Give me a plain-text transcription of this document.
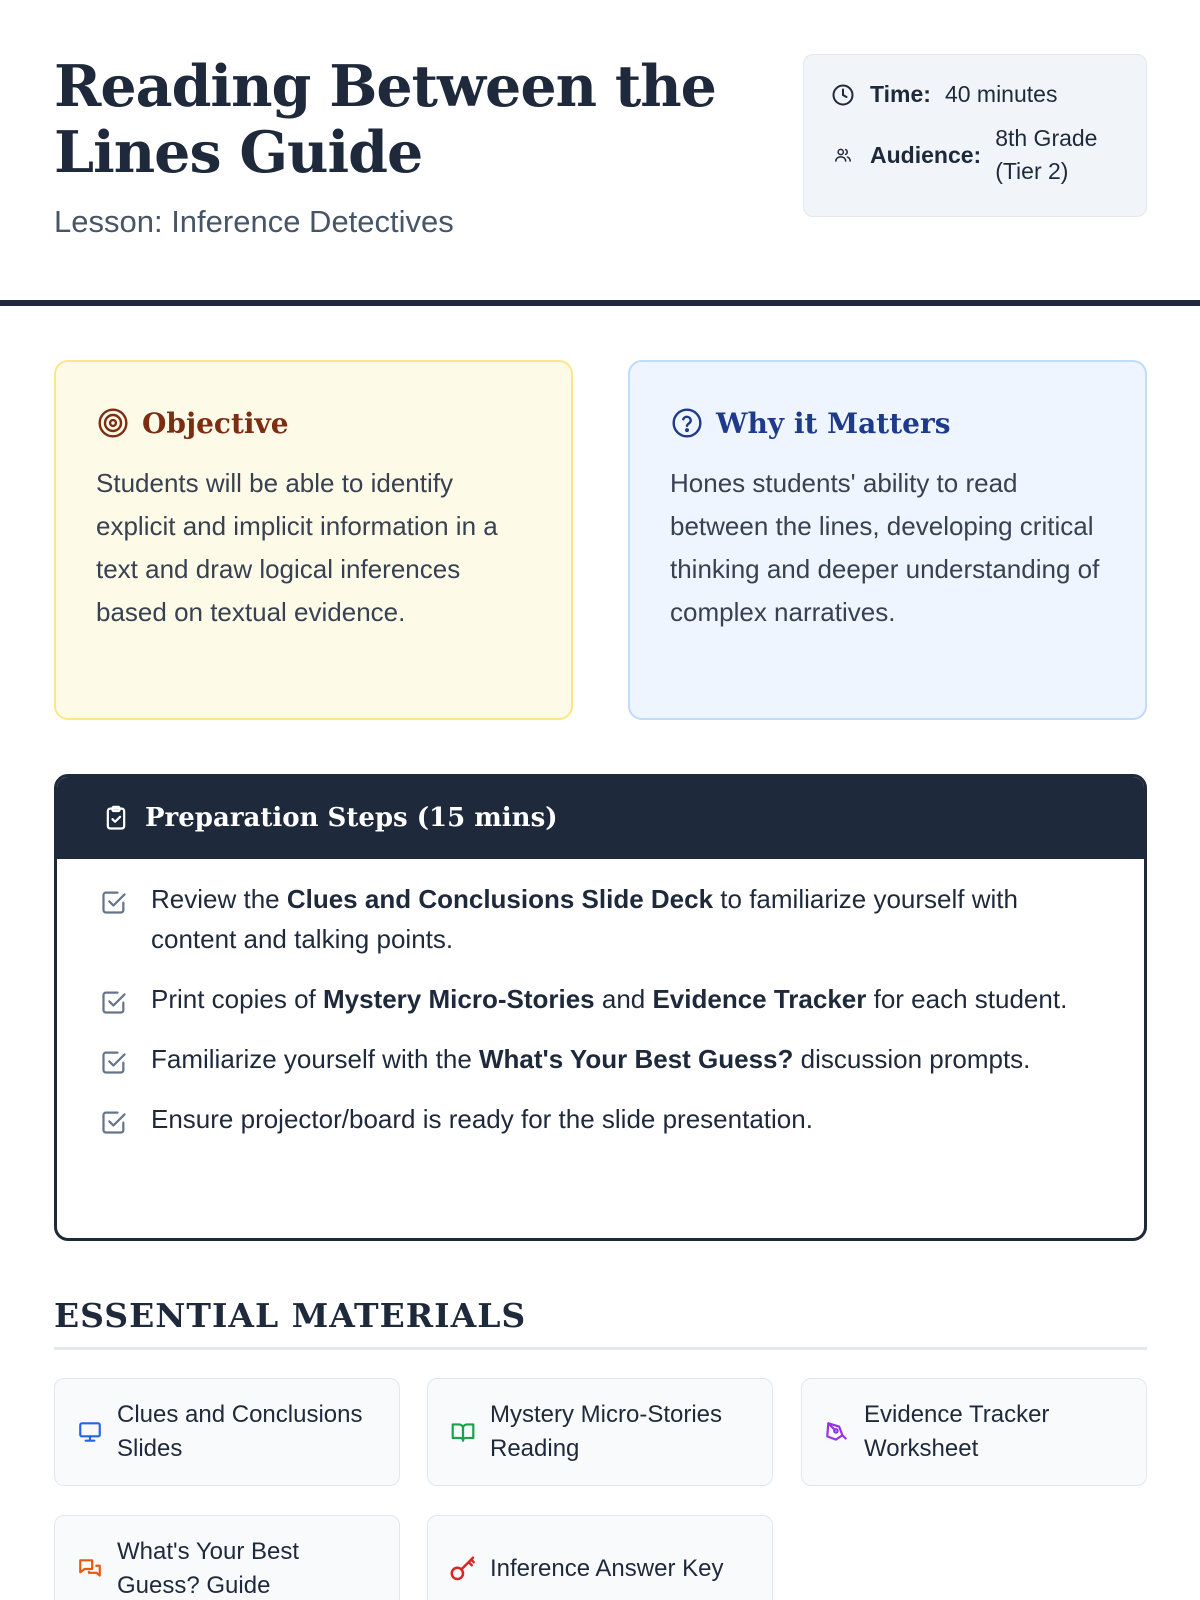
Reading Between the Lines Guide
Lesson: Inference Detectives
Time: 40 minutes
Audience:
8th Grade (Tier 2)
Objective

Students will be able to identify explicit and implicit information in a text and draw logical inferences based on textual evidence.

Why it Matters

Hones students' ability to read between the lines, developing critical thinking and deeper understanding of complex narratives.

Preparation Steps (15 mins)
Review the Clues and Conclusions Slide Deck to familiarize yourself with content and talking points.
Print copies of Mystery Micro-Stories and Evidence Tracker for each student.
Familiarize yourself with the What's Your Best Guess? discussion prompts.
Ensure projector/board is ready for the slide presentation.
ESSENTIAL MATERIALS
Clues and Conclusions Slides
Mystery Micro-Stories Reading
Evidence Tracker Worksheet
What's Your Best Guess? Guide
Inference Answer Key
